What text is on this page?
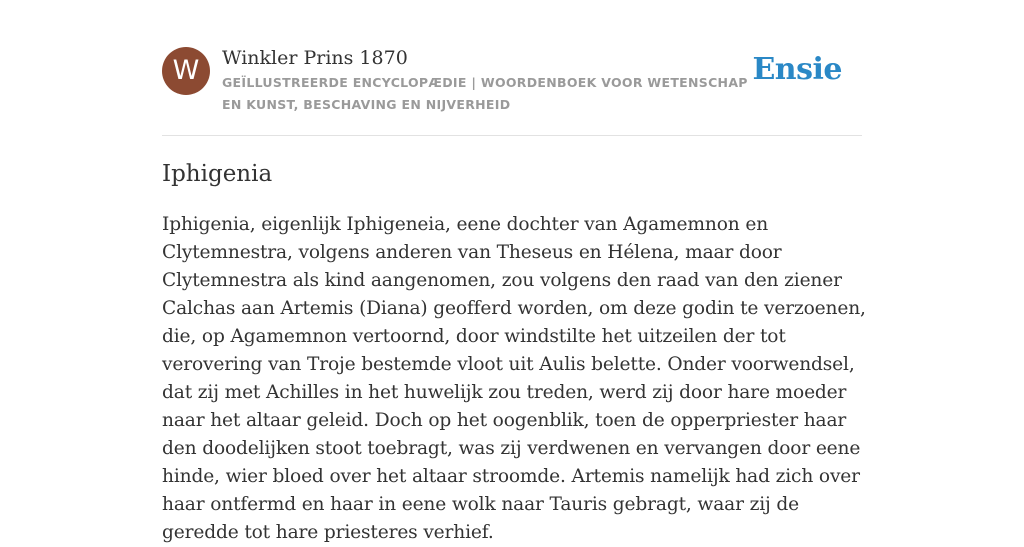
W	Winkler Prins 1870
GEÏLLUSTREERDE ENCYCLOPÆDIE | WOORDENBOEK VOOR WETENSCHAP EN KUNST, BESCHAVING EN NIJVERHEID
Ensie
Iphigenia

Iphigenia, eigenlijk Iphigeneia, eene dochter van Agamemnon en Clytemnestra, volgens anderen van Theseus en Hélena, maar door Clytemnestra als kind aangenomen, zou volgens den raad van den ziener Calchas aan Artemis (Diana) geofferd worden, om deze godin te verzoenen, die, op Agamemnon vertoornd, door windstilte het uitzeilen der tot verovering van Troje bestemde vloot uit Aulis belette. Onder voorwendsel, dat zij met Achilles in het huwelijk zou treden, werd zij door hare moeder naar het altaar geleid. Doch op het oogenblik, toen de opperpriester haar den doodelijken stoot toebragt, was zij verdwenen en vervangen door eene hinde, wier bloed over het altaar stroomde. Artemis namelijk had zich over haar ontfermd en haar in eene wolk naar Tauris gebragt, waar zij de geredde tot hare priesteres verhief.
